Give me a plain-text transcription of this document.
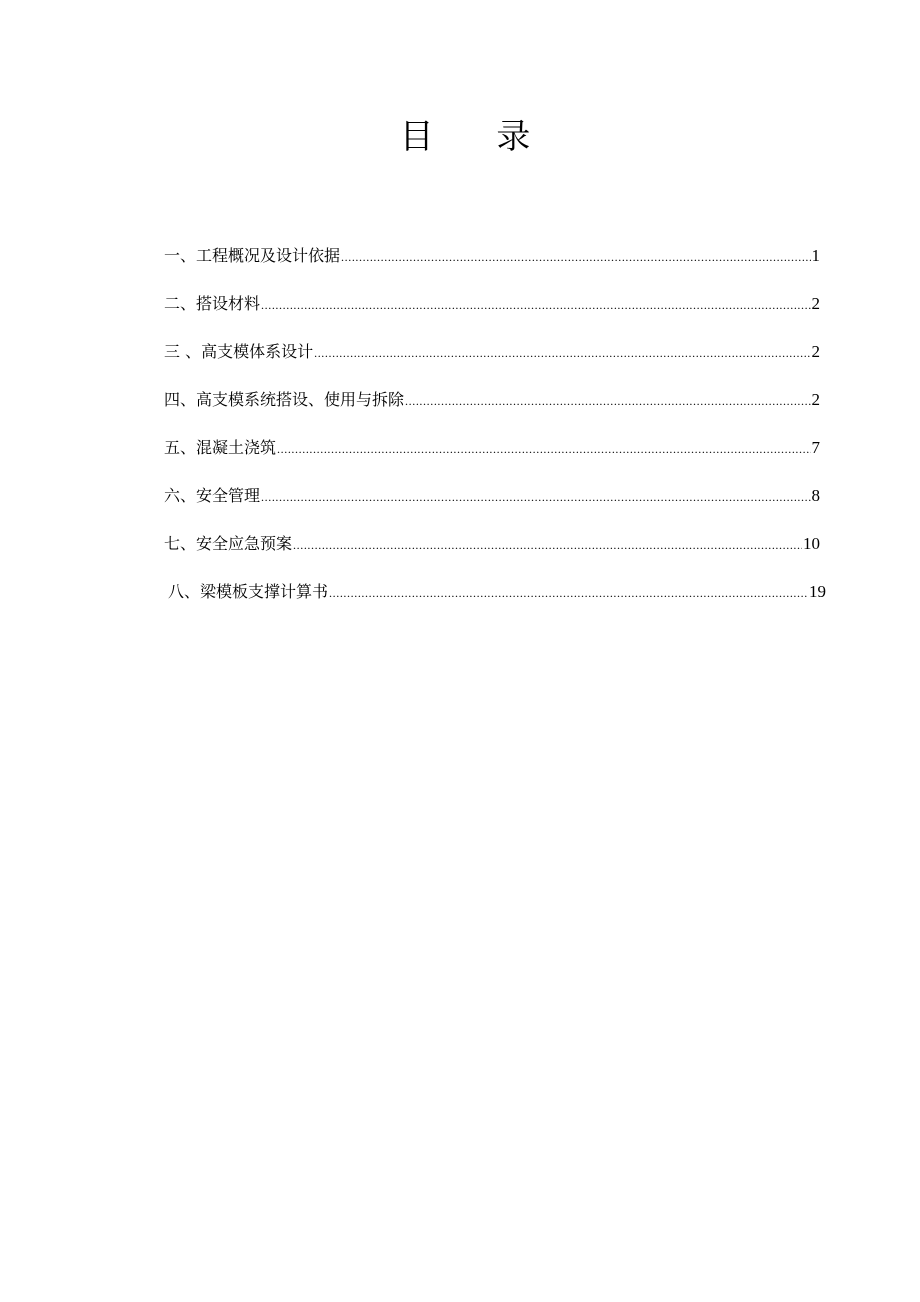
目 录
一、工程概况及设计依据 .....	1
二、搭设材料 .....	2
三 、高支模体系设计 .....	2
四、高支模系统搭设、使用与拆除 .....	2
五、混凝土浇筑 .....	7
六、安全管理 .....	8
七、安全应急预案 .....	10
八、梁模板支撑计算书 .....	19
